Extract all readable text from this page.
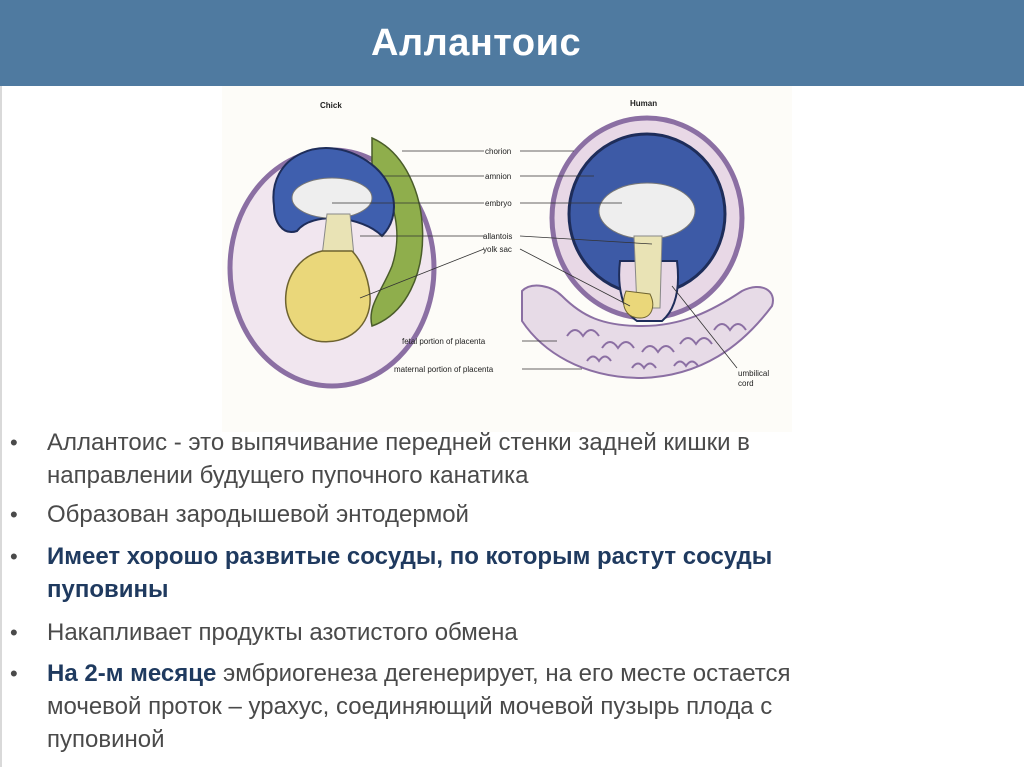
Аллантоис
Chick	Human
chorion
amnion
embryo
allantois
yolk sac
fetal portion of placenta
maternal portion of placenta	umbilical
cord
• Аллантоис - это выпячивание передней стенки задней кишки в
направлении будущего пупочного канатика
• Образован зародышевой энтодермой
• Имеет хорошо развитые сосуды, по которым растут сосуды
пуповины
• Накапливает продукты азотистого обмена
• На 2-м месяце эмбриогенеза дегенерирует, на его месте остается
мочевой проток – урахус, соединяющий мочевой пузырь плода с
пуповиной
